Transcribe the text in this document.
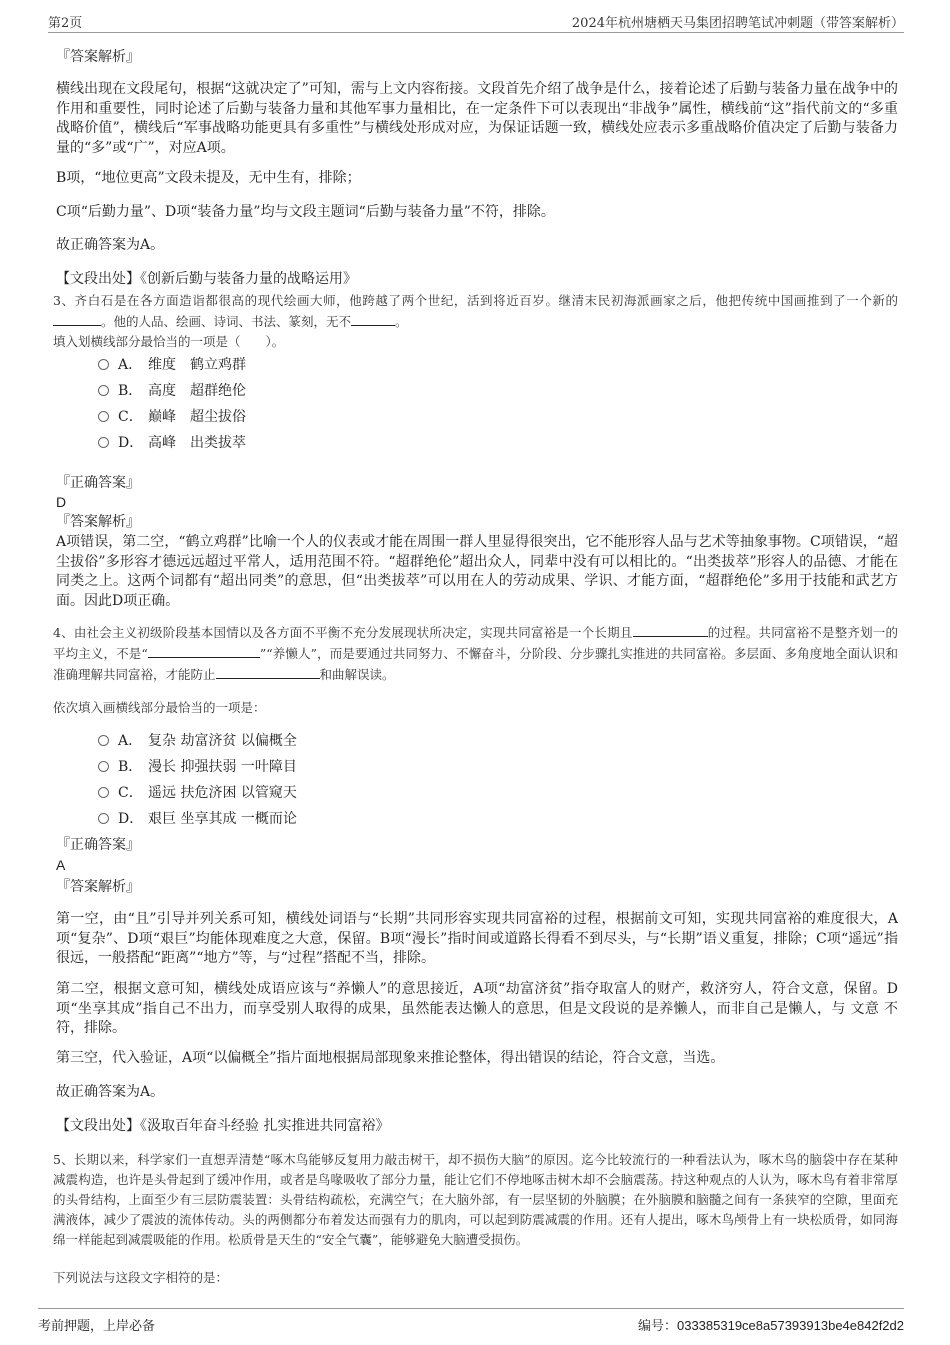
第2页	2024年杭州塘栖天马集团招聘笔试冲刺题（带答案解析）
『答案解析』

横线出现在文段尾句，根据“这就决定了”可知，需与上文内容衔接。文段首先介绍了战争是什么，接着论述了后勤与装备力量在战争中的作用和重要性，同时论述了后勤与装备力量和其他军事力量相比，在一定条件下可以表现出“非战争”属性，横线前“这”指代前文的“多重战略价值”，横线后“军事战略功能更具有多重性”与横线处形成对应，为保证话题一致，横线处应表示多重战略价值决定了后勤与装备力量的“多”或“广”，对应A项。

B项，“地位更高”文段未提及，无中生有，排除；

C项“后勤力量”、D项“装备力量”均与文段主题词“后勤与装备力量”不符，排除。

故正确答案为A。

【文段出处】《创新后勤与装备力量的战略运用》

3、齐白石是在各方面造诣都很高的现代绘画大师，他跨越了两个世纪，活到将近百岁。继清末民初海派画家之后，他把传统中国画推到了一个新的。他的人品、绘画、诗词、书法、篆刻，无不	。

填入划横线部分最恰当的一项是（　　）。
A． 维度　鹤立鸡群
B． 高度　超群绝伦
C． 巅峰　超尘拔俗
D． 高峰　出类拔萃
『正确答案』
D
『答案解析』

A项错误，第二空，“鹤立鸡群”比喻一个人的仪表或才能在周围一群人里显得很突出，它不能形容人品与艺术等抽象事物。C项错误，“超尘拔俗”多形容才德远远超过平常人，适用范围不符。“超群绝伦”超出众人，同辈中没有可以相比的。“出类拔萃”形容人的品德、才能在同类之上。这两个词都有“超出同类”的意思，但“出类拔萃”可以用在人的劳动成果、学识、才能方面，“超群绝伦”多用于技能和武艺方面。因此D项正确。

4、由社会主义初级阶段基本国情以及各方面不平衡不充分发展现状所决定，实现共同富裕是一个长期且	的过程。共同富裕不是整齐划一的平均主义，不是“	”“养懒人”，而是要通过共同努力、不懈奋斗，分阶段、分步骤扎实推进的共同富裕。多层面、多角度地全面认识和准确理解共同富裕，才能防止	和曲解误读。

依次填入画横线部分最恰当的一项是：
A． 复杂 劫富济贫 以偏概全
B． 漫长 抑强扶弱 一叶障目
C． 遥远 扶危济困 以管窥天
D． 艰巨 坐享其成 一概而论
『正确答案』
A
『答案解析』

第一空，由“且”引导并列关系可知，横线处词语与“长期”共同形容实现共同富裕的过程，根据前文可知，实现共同富裕的难度很大，A项“复杂”、D项“艰巨”均能体现难度之大意，保留。B项“漫长”指时间或道路长得看不到尽头，与“长期”语义重复，排除；C项“遥远”指很远，一般搭配“距离”“地方”等，与“过程”搭配不当，排除。

第二空，根据文意可知，横线处成语应该与“养懒人”的意思接近，A项“劫富济贫”指夺取富人的财产，救济穷人，符合文意，保留。D项“坐享其成”指自己不出力，而享受别人取得的成果，虽然能表达懒人的意思，但是文段说的是养懒人，而非自己是懒人，与 文意 不符，排除。

第三空，代入验证，A项“以偏概全”指片面地根据局部现象来推论整体，得出错误的结论，符合文意，当选。

故正确答案为A。

【文段出处】《汲取百年奋斗经验 扎实推进共同富裕》

5、长期以来，科学家们一直想弄清楚“啄木鸟能够反复用力敲击树干，却不损伤大脑”的原因。迄今比较流行的一种看法认为，啄木鸟的脑袋中存在某种减震构造，也许是头骨起到了缓冲作用，或者是鸟喙吸收了部分力量，能让它们不停地啄击树木却不会脑震荡。持这种观点的人认为，啄木鸟有着非常厚的头骨结构，上面至少有三层防震装置：头骨结构疏松，充满空气；在大脑外部，有一层坚韧的外脑膜；在外脑膜和脑髓之间有一条狭窄的空隙，里面充满液体，减少了震波的流体传动。头的两侧都分布着发达而强有力的肌肉，可以起到防震减震的作用。还有人提出，啄木鸟颅骨上有一块松质骨，如同海绵一样能起到减震吸能的作用。松质骨是天生的“安全气囊”，能够避免大脑遭受损伤。

下列说法与这段文字相符的是：
考前押题，上岸必备	编号：033385319ce8a57393913be4e842f2d2
